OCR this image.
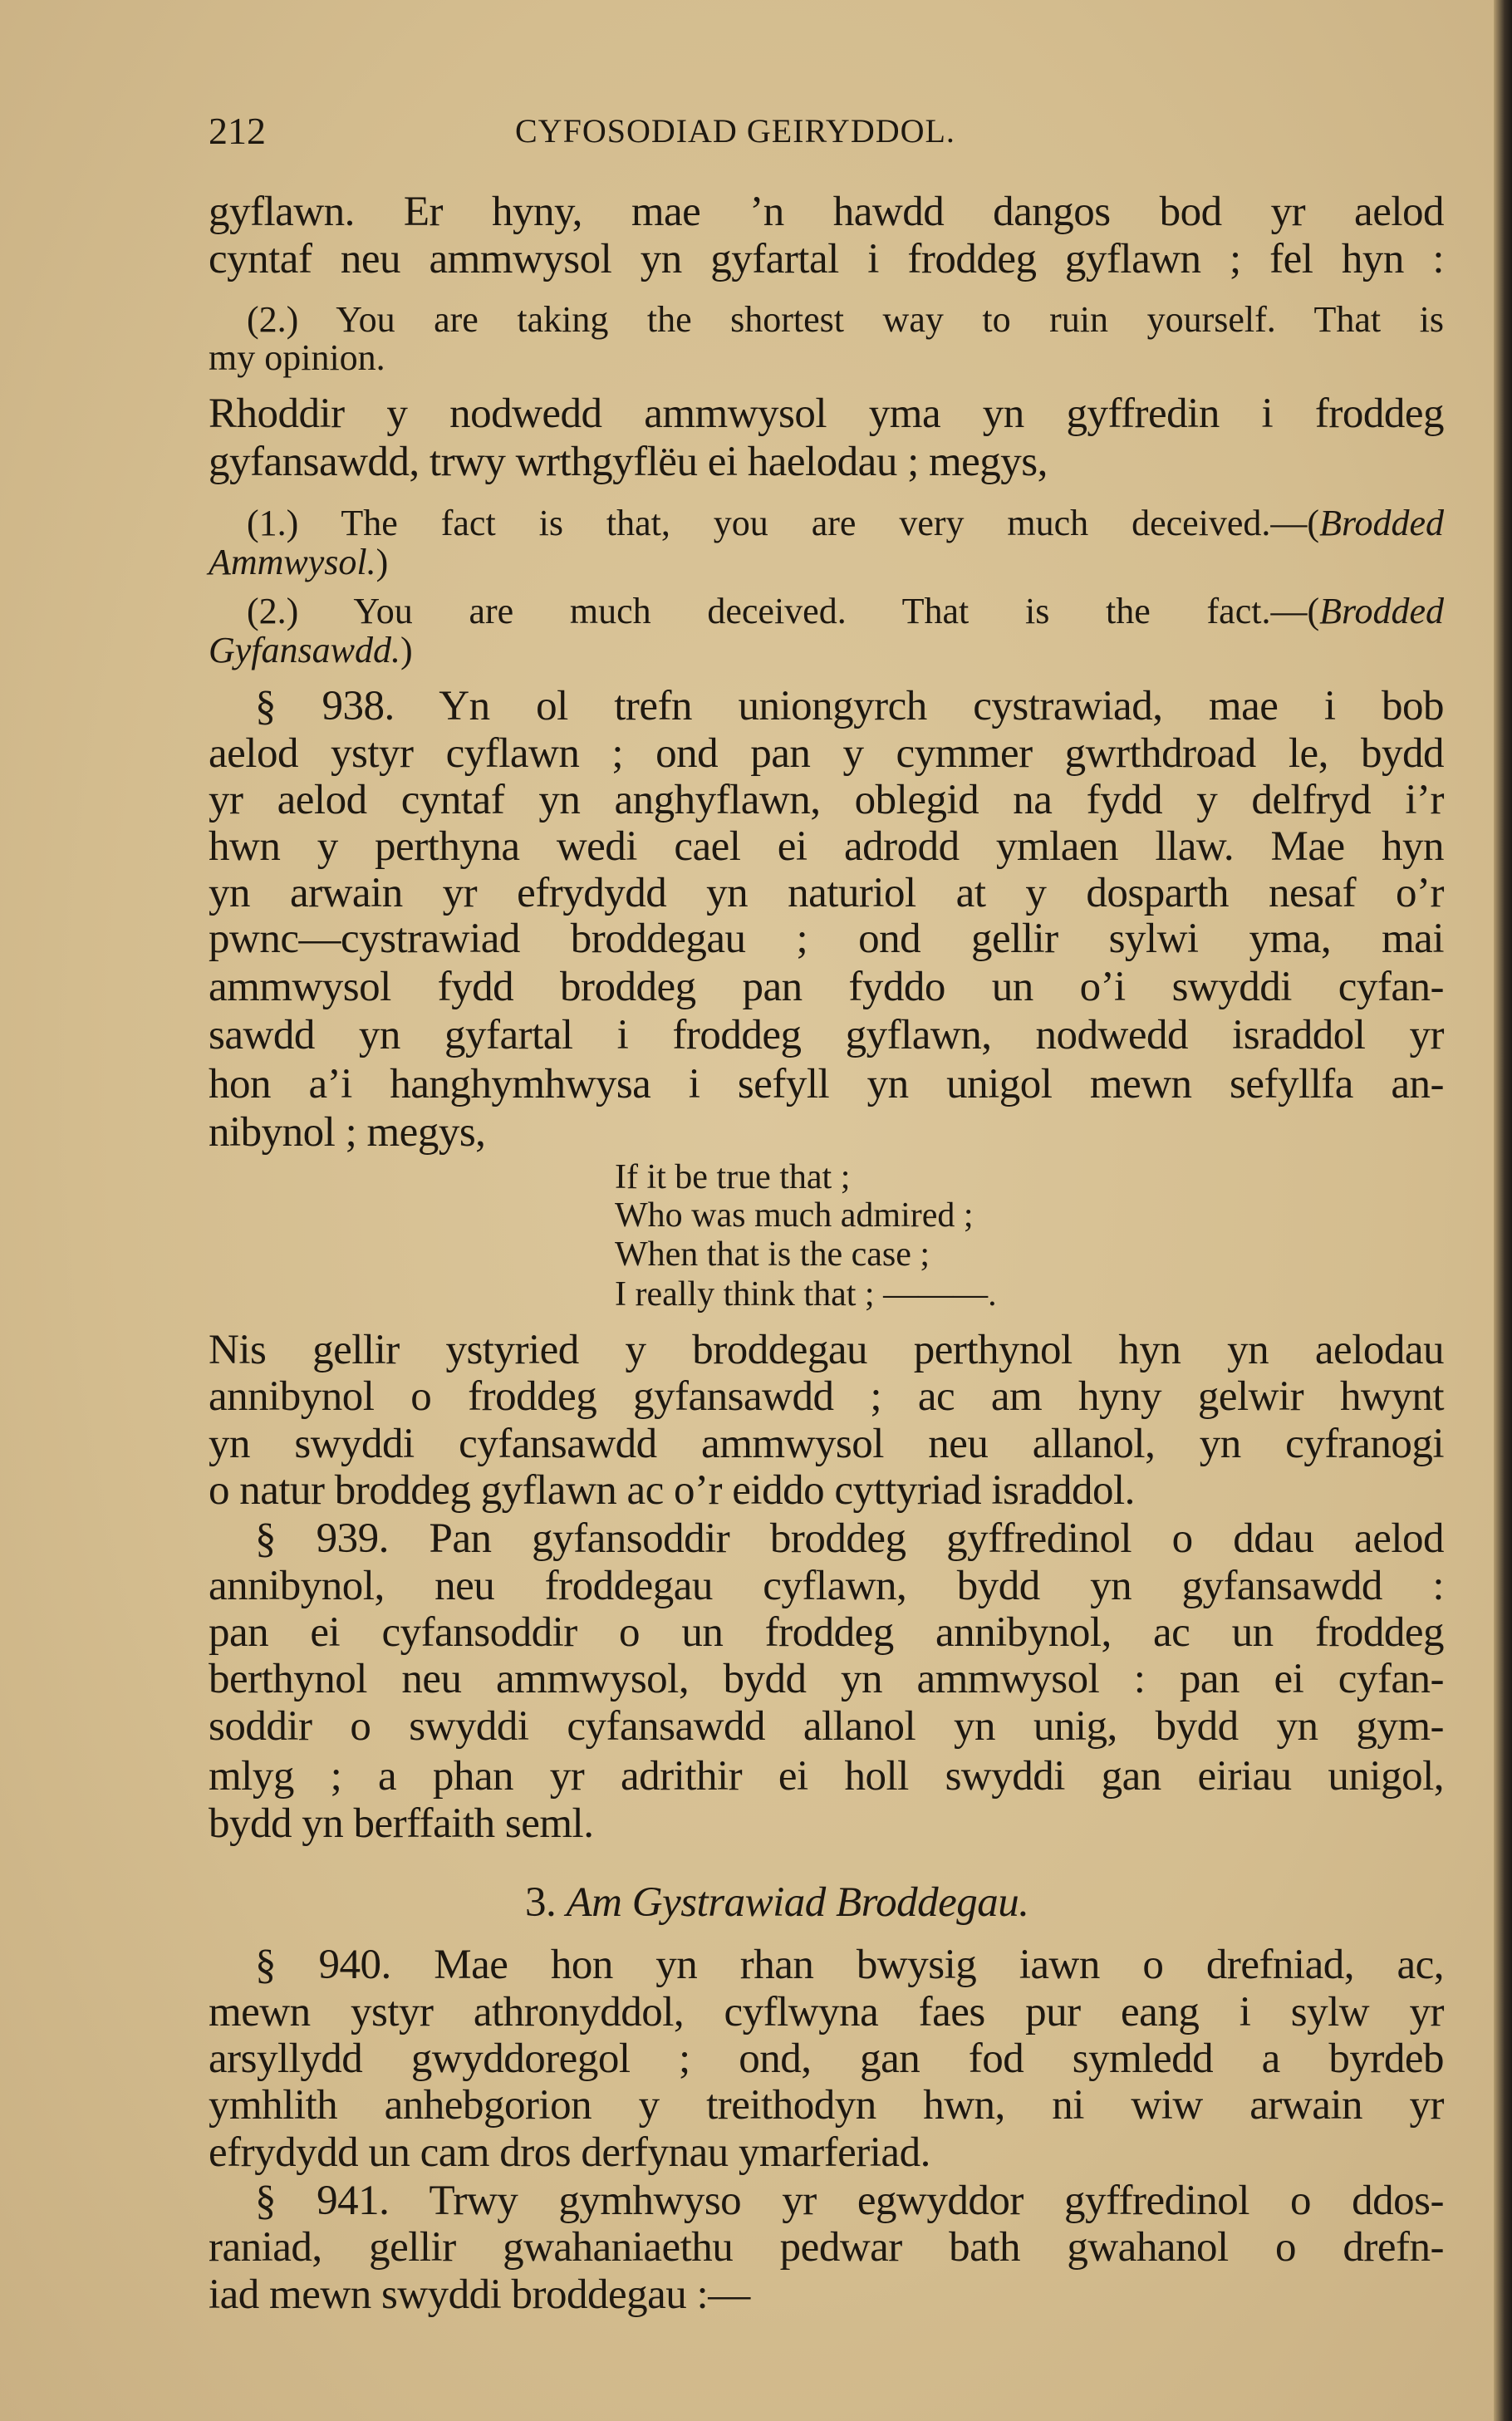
212	CYFOSODIAD GEIRYDDOL.
gyflawn. Er hyny, mae ’n hawdd dangos bod yr aelod
cyntaf neu ammwysol yn gyfartal i froddeg gyflawn ; fel hyn :
(2.) You are taking the shortest way to ruin yourself. That is
my opinion.
Rhoddir y nodwedd ammwysol yma yn gyffredin i froddeg
gyfansawdd, trwy wrthgyflëu ei haelodau ; megys,
(1.) The fact is that, you are very much deceived.—(Brodded
Ammwysol.)
(2.) You are much deceived. That is the fact.—(Brodded
Gyfansawdd.)
§ 938. Yn ol trefn uniongyrch cystrawiad, mae i bob
aelod ystyr cyflawn ; ond pan y cymmer gwrthdroad le, bydd
yr aelod cyntaf yn anghyflawn, oblegid na fydd y delfryd i’r
hwn y perthyna wedi cael ei adrodd ymlaen llaw. Mae hyn
yn arwain yr efrydydd yn naturiol at y dosparth nesaf o’r
pwnc—cystrawiad broddegau ; ond gellir sylwi yma, mai
ammwysol fydd broddeg pan fyddo un o’i swyddi cyfan-
sawdd yn gyfartal i froddeg gyflawn, nodwedd israddol yr
hon a’i hanghymhwysa i sefyll yn unigol mewn sefyllfa an-
nibynol ; megys,
If it be true that ;
Who was much admired ;
When that is the case ;
I really think that ; ———.
Nis gellir ystyried y broddegau perthynol hyn yn aelodau
annibynol o froddeg gyfansawdd ; ac am hyny gelwir hwynt
yn swyddi cyfansawdd ammwysol neu allanol, yn cyfranogi
o natur broddeg gyflawn ac o’r eiddo cyttyriad israddol.
§ 939. Pan gyfansoddir broddeg gyffredinol o ddau aelod
annibynol, neu froddegau cyflawn, bydd yn gyfansawdd :
pan ei cyfansoddir o un froddeg annibynol, ac un froddeg
berthynol neu ammwysol, bydd yn ammwysol : pan ei cyfan-
soddir o swyddi cyfansawdd allanol yn unig, bydd yn gym-
mlyg ; a phan yr adrithir ei holl swyddi gan eiriau unigol,
bydd yn berffaith seml.
3. Am Gystrawiad Broddegau.
§ 940. Mae hon yn rhan bwysig iawn o drefniad, ac,
mewn ystyr athronyddol, cyflwyna faes pur eang i sylw yr
arsyllydd gwyddoregol ; ond, gan fod symledd a byrdeb
ymhlith anhebgorion y treithodyn hwn, ni wiw arwain yr
efrydydd un cam dros derfynau ymarferiad.
§ 941. Trwy gymhwyso yr egwyddor gyffredinol o ddos-
raniad, gellir gwahaniaethu pedwar bath gwahanol o drefn-
iad mewn swyddi broddegau :—
